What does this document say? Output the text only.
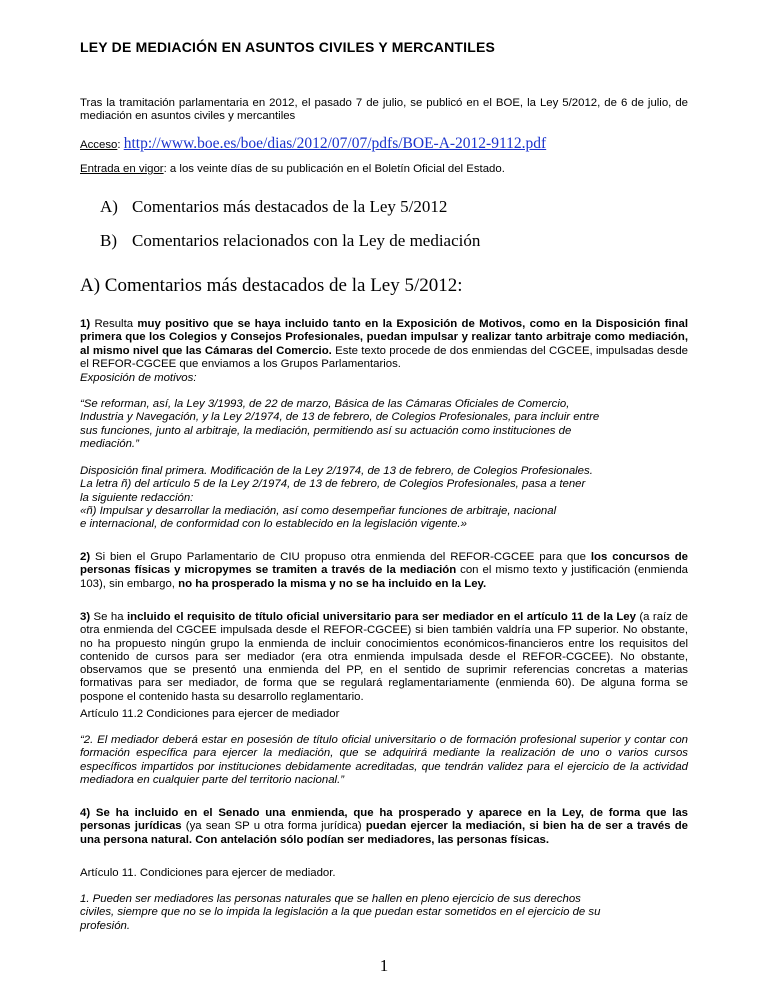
LEY DE MEDIACIÓN EN ASUNTOS CIVILES Y MERCANTILES

Tras la tramitación parlamentaria en 2012, el pasado 7 de julio, se publicó en el BOE, la Ley 5/2012, de 6 de julio, de mediación en asuntos civiles y mercantiles

Acceso: http://www.boe.es/boe/dias/2012/07/07/pdfs/BOE-A-2012-9112.pdf
Entrada en vigor: a los veinte días de su publicación en el Boletín Oficial del Estado.
A) Comentarios más destacados de la Ley 5/2012
B) Comentarios relacionados con la Ley de mediación
A) Comentarios más destacados de la Ley 5/2012:

1) Resulta muy positivo que se haya incluido tanto en la Exposición de Motivos, como en la Disposición final primera que los Colegios y Consejos Profesionales, puedan impulsar y realizar tanto arbitraje como mediación, al mismo nivel que las Cámaras del Comercio. Este texto procede de dos enmiendas del CGCEE, impulsadas desde el REFOR-CGCEE que enviamos a los Grupos Parlamentarios.

Exposición de motivos:
“Se reforman, así, la Ley 3/1993, de 22 de marzo, Básica de las Cámaras Oficiales de Comercio,
Industria y Navegación, y la Ley 2/1974, de 13 de febrero, de Colegios Profesionales, para incluir entre
sus funciones, junto al arbitraje, la mediación, permitiendo así su actuación como instituciones de
mediación.”
Disposición final primera. Modificación de la Ley 2/1974, de 13 de febrero, de Colegios Profesionales.
La letra ñ) del artículo 5 de la Ley 2/1974, de 13 de febrero, de Colegios Profesionales, pasa a tener
la siguiente redacción:
«ñ) Impulsar y desarrollar la mediación, así como desempeñar funciones de arbitraje, nacional
e internacional, de conformidad con lo establecido en la legislación vigente.»

2) Si bien el Grupo Parlamentario de CIU propuso otra enmienda del REFOR-CGCEE para que los concursos de personas físicas y micropymes se tramiten a través de la mediación con el mismo texto y justificación (enmienda 103), sin embargo, no ha prosperado la misma y no se ha incluido en la Ley.

3) Se ha incluido el requisito de título oficial universitario para ser mediador en el artículo 11 de la Ley (a raíz de otra enmienda del CGCEE impulsada desde el REFOR-CGCEE) si bien también valdría una FP superior. No obstante, no ha propuesto ningún grupo la enmienda de incluir conocimientos económicos-financieros entre los requisitos del contenido de cursos para ser mediador (era otra enmienda impulsada desde el REFOR-CGCEE). No obstante, observamos que se presentó una enmienda del PP, en el sentido de suprimir referencias concretas a materias formativas para ser mediador, de forma que se regulará reglamentariamente (enmienda 60). De alguna forma se pospone el contenido hasta su desarrollo reglamentario.

Artículo 11.2 Condiciones para ejercer de mediador

“2. El mediador deberá estar en posesión de título oficial universitario o de formación profesional superior y contar con formación específica para ejercer la mediación, que se adquirirá mediante la realización de uno o varios cursos específicos impartidos por instituciones debidamente acreditadas, que tendrán validez para el ejercicio de la actividad mediadora en cualquier parte del territorio nacional.”

4) Se ha incluido en el Senado una enmienda, que ha prosperado y aparece en la Ley, de forma que las personas jurídicas (ya sean SP u otra forma jurídica) puedan ejercer la mediación, si bien ha de ser a través de una persona natural. Con antelación sólo podían ser mediadores, las personas físicas.

Artículo 11. Condiciones para ejercer de mediador.
1. Pueden ser mediadores las personas naturales que se hallen en pleno ejercicio de sus derechos
civiles, siempre que no se lo impida la legislación a la que puedan estar sometidos en el ejercicio de su
profesión.
1
